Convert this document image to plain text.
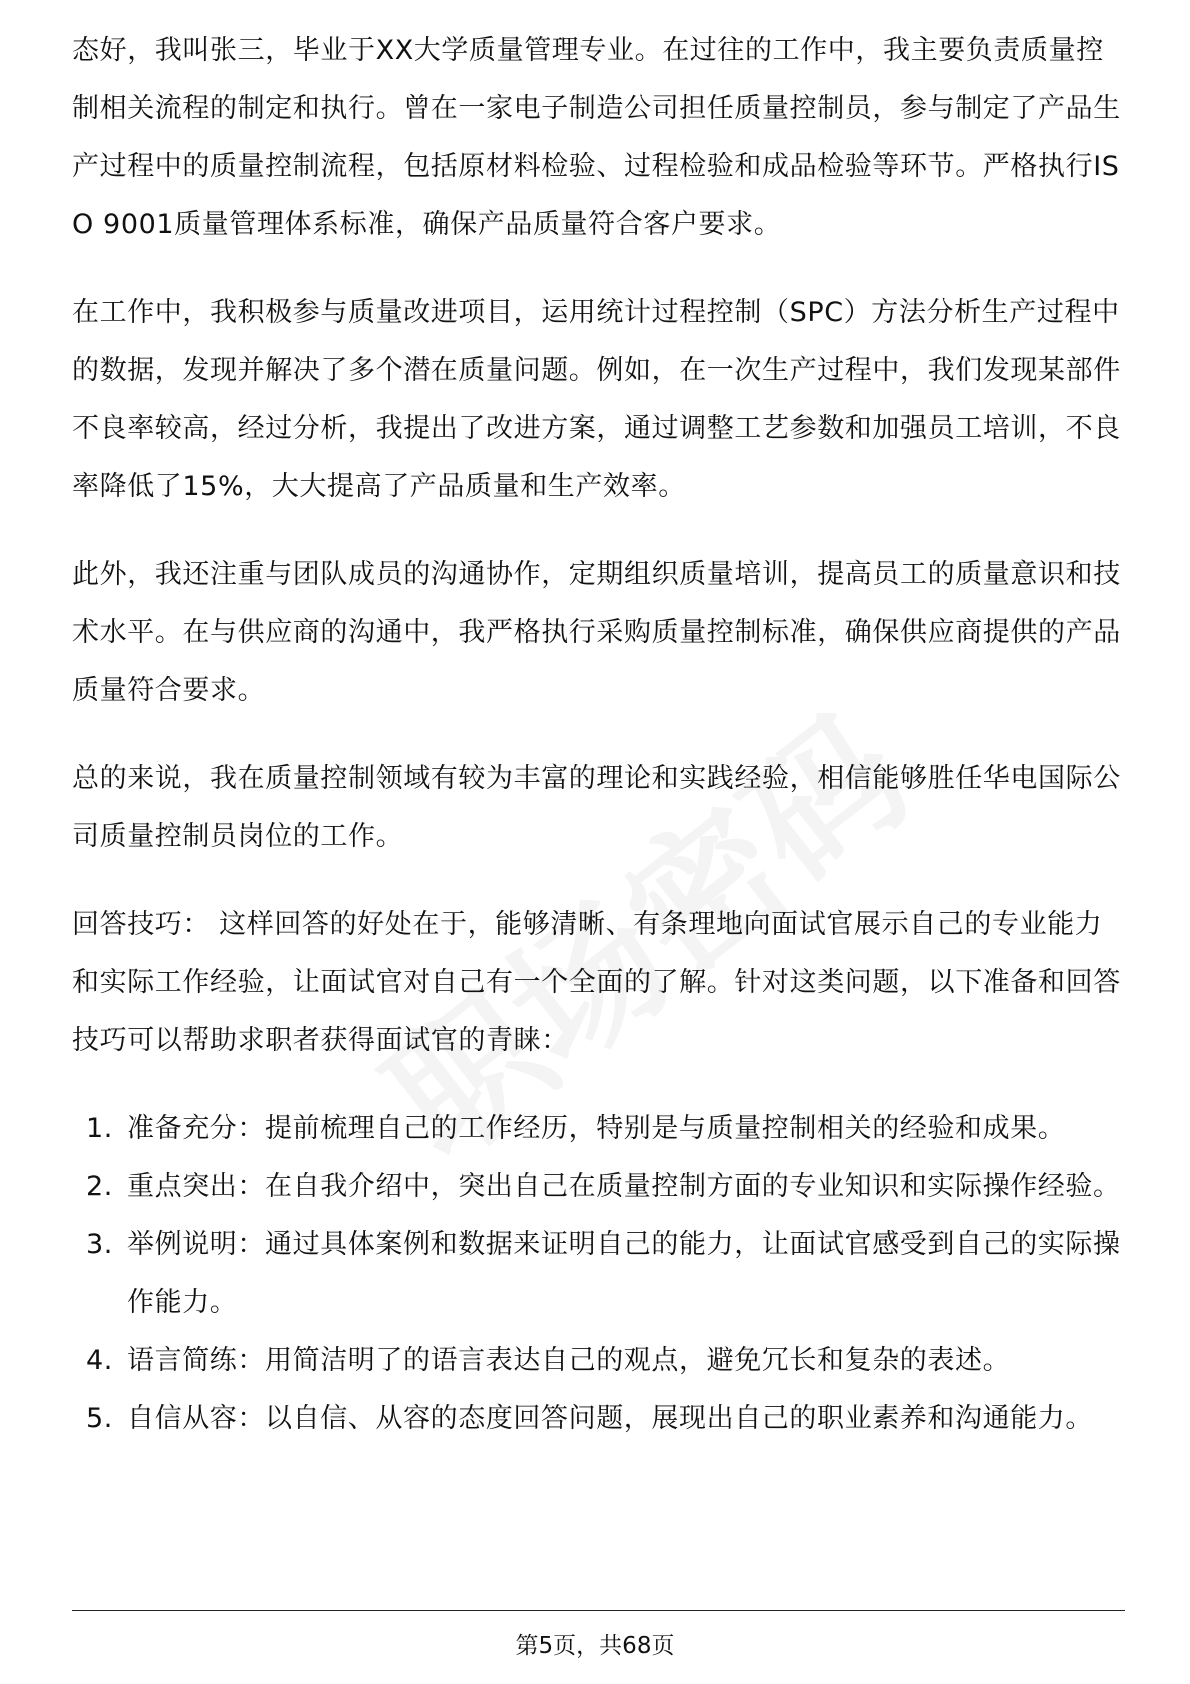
态好，我叫张三，毕业于XX大学质量管理专业。在过往的工作中，我主要负责质量控制相关流程的制定和执行。曾在一家电子制造公司担任质量控制员，参与制定了产品生产过程中的质量控制流程，包括原材料检验、过程检验和成品检验等环节。严格执行ISO 9001质量管理体系标准，确保产品质量符合客户要求。

在工作中，我积极参与质量改进项目，运用统计过程控制（SPC）方法分析生产过程中的数据，发现并解决了多个潜在质量问题。例如，在一次生产过程中，我们发现某部件不良率较高，经过分析，我提出了改进方案，通过调整工艺参数和加强员工培训，不良率降低了15%，大大提高了产品质量和生产效率。

此外，我还注重与团队成员的沟通协作，定期组织质量培训，提高员工的质量意识和技术水平。在与供应商的沟通中，我严格执行采购质量控制标准，确保供应商提供的产品质量符合要求。

总的来说，我在质量控制领域有较为丰富的理论和实践经验，相信能够胜任华电国际公司质量控制员岗位的工作。

回答技巧： 这样回答的好处在于，能够清晰、有条理地向面试官展示自己的专业能力和实际工作经验，让面试官对自己有一个全面的了解。针对这类问题，以下准备和回答技巧可以帮助求职者获得面试官的青睐：

1. 准备充分：提前梳理自己的工作经历，特别是与质量控制相关的经验和成果。
2. 重点突出：在自我介绍中，突出自己在质量控制方面的专业知识和实际操作经验。
3. 举例说明：通过具体案例和数据来证明自己的能力，让面试官感受到自己的实际操作能力。
4. 语言简练：用简洁明了的语言表达自己的观点，避免冗长和复杂的表述。
5. 自信从容：以自信、从容的态度回答问题，展现出自己的职业素养和沟通能力。
第5页，共68页
